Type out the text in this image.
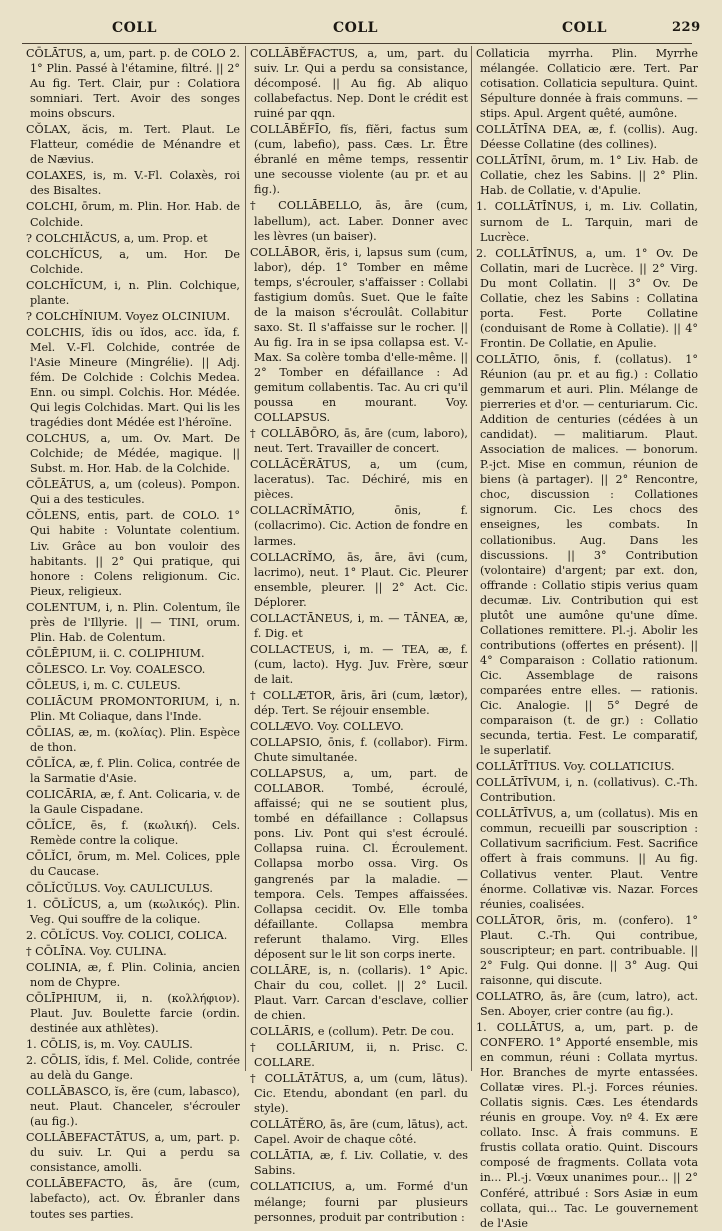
COLL	COLL	COLL	229

CŌLĀTUS, a, um, part. p. de COLO 2. 1° Plin. Passé à l'étamine, filtré. || 2° Au fig. Tert. Clair, pur : Colatiora somniari. Tert. Avoir des songes moins obscurs.

CŎLAX, ăcis, m. Tert. Plaut. Le Flatteur, comédie de Ménandre et de Nævius.

COLAXES, is, m. V.-Fl. Colaxès, roi des Bisaltes.

COLCHI, ōrum, m. Plin. Hor. Hab. de Colchide.

? COLCHIĂCUS, a, um. Prop. et

COLCHĬCUS, a, um. Hor. De Colchide.

COLCHĬCUM, i, n. Plin. Colchique, plante.

? COLCHĬNIUM. Voyez OLCINIUM.

COLCHIS, ĭdis ou ĭdos, acc. ĭda, f. Mel. V.-Fl. Colchide, contrée de l'Asie Mineure (Mingrélie). || Adj. fém. De Colchide : Colchis Medea. Enn. ou simpl. Colchis. Hor. Médée. Qui legis Colchidas. Mart. Qui lis les tragédies dont Médée est l'héroïne.

COLCHUS, a, um. Ov. Mart. De Colchide; de Médée, magique. || Subst. m. Hor. Hab. de la Colchide.

CŌLEĀTUS, a, um (coleus). Pompon. Qui a des testicules.

CŎLENS, entis, part. de COLO. 1° Qui habite : Voluntate colentium. Liv. Grâce au bon vouloir des habitants. || 2° Qui pratique, qui honore : Colens religionum. Cic. Pieux, religieux.

COLENTUM, i, n. Plin. Colentum, île près de l'Illyrie. || — TINI, orum. Plin. Hab. de Colentum.

CŌLĒPIUM, ii. C. COLIPHIUM.

CŌLESCO. Lr. Voy. COALESCO.

CŌLEUS, i, m. C. CULEUS.

COLIĀCUM PROMONTORIUM, i, n. Plin. Mt Coliaque, dans l'Inde.

CŌLIAS, æ, m. (κολίας). Plin. Espèce de thon.

CŌLĬCA, æ, f. Plin. Colica, contrée de la Sarmatie d'Asie.

COLICĀRIA, æ, f. Ant. Colicaria, v. de la Gaule Cispadane.

CŌLĬCE, ēs, f. (κωλική). Cels. Remède contre la colique.

CŌLĬCI, ōrum, m. Mel. Colices, pple du Caucase.

CŌLĬCŬLUS. Voy. CAULICULUS.

1. CŌLĬCUS, a, um (κωλικός). Plin. Veg. Qui souffre de la colique.

2. CŌLĬCUS. Voy. COLICI, COLICA.

† CŌLĪNA. Voy. CULINA.

COLINIA, æ, f. Plin. Colinia, ancien nom de Chypre.

CŌLĪPHIUM, ii, n. (κολλήφιον). Plaut. Juv. Boulette farcie (ordin. destinée aux athlètes).

1. CŌLIS, is, m. Voy. CAULIS.

2. CŌLIS, ĭdis, f. Mel. Colide, contrée au delà du Gange.

COLLĀBASCO, ĭs, ĕre (cum, labasco), neut. Plaut. Chanceler, s'écrouler (au fig.).

COLLĀBEFACTĀTUS, a, um, part. p. du suiv. Lr. Qui a perdu sa consistance, amolli.

COLLĀBEFACTO, ās, āre (cum, labefacto), act. Ov. Ébranler dans toutes ses parties.

COLLĀBĔFACTUS, a, um, part. du suiv. Lr. Qui a perdu sa consistance, décomposé. || Au fig. Ab aliquo collabefactus. Nep. Dont le crédit est ruiné par qqn.

COLLĀBĔFĪO, fĭs, fĭĕri, factus sum (cum, labefio), pass. Cæs. Lr. Être ébranlé en même temps, ressentir une secousse violente (au pr. et au fig.).

† COLLĀBELLO, ās, āre (cum, labellum), act. Laber. Donner avec les lèvres (un baiser).

COLLĀBOR, ĕris, i, lapsus sum (cum, labor), dép. 1° Tomber en même temps, s'écrouler, s'affaisser : Collabi fastigium domûs. Suet. Que le faîte de la maison s'écroulât. Collabitur saxo. St. Il s'affaisse sur le rocher. || Au fig. Ira in se ipsa collapsa est. V.-Max. Sa colère tomba d'elle-même. || 2° Tomber en défaillance : Ad gemitum collabentis. Tac. Au cri qu'il poussa en mourant. Voy. COLLAPSUS.

† COLLĀBŌRO, ās, āre (cum, laboro), neut. Tert. Travailler de concert.

COLLĀCĔRĀTUS, a, um (cum, laceratus). Tac. Déchiré, mis en pièces.

COLLACRĬMĀTIO, ōnis, f. (collacrimo). Cic. Action de fondre en larmes.

COLLACRĬMO, ās, āre, āvi (cum, lacrimo), neut. 1° Plaut. Cic. Pleurer ensemble, pleurer. || 2° Act. Cic. Déplorer.

COLLACTĀNEUS, i, m. — TĀNEA, æ, f. Dig. et

COLLACTEUS, i, m. — TEA, æ, f. (cum, lacto). Hyg. Juv. Frère, sœur de lait.

† COLLÆTOR, āris, āri (cum, lætor), dép. Tert. Se réjouir ensemble.

COLLÆVO. Voy. COLLEVO.

COLLAPSIO, ōnis, f. (collabor). Firm. Chute simultanée.

COLLAPSUS, a, um, part. de COLLABOR. Tombé, écroulé, affaissé; qui ne se soutient plus, tombé en défaillance : Collapsus pons. Liv. Pont qui s'est écroulé. Collapsa ruina. Cl. Écroulement. Collapsa morbo ossa. Virg. Os gangrenés par la maladie. — tempora. Cels. Tempes affaissées. Collapsa cecidit. Ov. Elle tomba défaillante. Collapsa membra referunt thalamo. Virg. Elles déposent sur le lit son corps inerte.

COLLĀRE, is, n. (collaris). 1° Apic. Chair du cou, collet. || 2° Lucil. Plaut. Varr. Carcan d'esclave, collier de chien.

COLLĀRIS, e (collum). Petr. De cou.

† COLLĀRIUM, ii, n. Prisc. C. COLLARE.

† COLLĀTĀTUS, a, um (cum, lātus). Cic. Etendu, abondant (en parl. du style).

COLLĀTĔRO, ās, āre (cum, lātus), act. Capel. Avoir de chaque côté.

COLLĀTIA, æ, f. Liv. Collatie, v. des Sabins.

COLLATICIUS, a, um. Formé d'un mélange; fourni par plusieurs personnes, produit par contribution :

Collaticia myrrha. Plin. Myrrhe mélangée. Collaticio ære. Tert. Par cotisation. Collaticia sepultura. Quint. Sépulture donnée à frais communs. — stips. Apul. Argent quêté, aumône.

COLLĀTĪNA DEA, æ, f. (collis). Aug. Déesse Collatine (des collines).

COLLĀTĪNI, ōrum, m. 1° Liv. Hab. de Collatie, chez les Sabins. || 2° Plin. Hab. de Collatie, v. d'Apulie.

1. COLLĀTĪNUS, i, m. Liv. Collatin, surnom de L. Tarquin, mari de Lucrèce.

2. COLLĀTĪNUS, a, um. 1° Ov. De Collatin, mari de Lucrèce. || 2° Virg. Du mont Collatin. || 3° Ov. De Collatie, chez les Sabins : Collatina porta. Fest. Porte Collatine (conduisant de Rome à Collatie). || 4° Frontin. De Collatie, en Apulie.

COLLĀTIO, ōnis, f. (collatus). 1° Réunion (au pr. et au fig.) : Collatio gemmarum et auri. Plin. Mélange de pierreries et d'or. — centuriarum. Cic. Addition de centuries (cédées à un candidat). — malitiarum. Plaut. Association de malices. — bonorum. P.-jct. Mise en commun, réunion de biens (à partager). || 2° Rencontre, choc, discussion : Collationes signorum. Cic. Les chocs des enseignes, les combats. In collationibus. Aug. Dans les discussions. || 3° Contribution (volontaire) d'argent; par ext. don, offrande : Collatio stipis verius quam decumæ. Liv. Contribution qui est plutôt une aumône qu'une dîme. Collationes remittere. Pl.-j. Abolir les contributions (offertes en présent). || 4° Comparaison : Collatio rationum. Cic. Assemblage de raisons comparées entre elles. — rationis. Cic. Analogie. || 5° Degré de comparaison (t. de gr.) : Collatio secunda, tertia. Fest. Le comparatif, le superlatif.

COLLĀTĪTIUS. Voy. COLLATICIUS.

COLLĀTĪVUM, i, n. (collativus). C.-Th. Contribution.

COLLĀTĪVUS, a, um (collatus). Mis en commun, recueilli par souscription : Collativum sacrificium. Fest. Sacrifice offert à frais communs. || Au fig. Collativus venter. Plaut. Ventre énorme. Collativæ vis. Nazar. Forces réunies, coalisées.

COLLĀTOR, ōris, m. (confero). 1° Plaut. C.-Th. Qui contribue, souscripteur; en part. contribuable. || 2° Fulg. Qui donne. || 3° Aug. Qui raisonne, qui discute.

COLLATRO, ās, āre (cum, latro), act. Sen. Aboyer, crier contre (au fig.).

1. COLLĀTUS, a, um, part. p. de CONFERO. 1° Apporté ensemble, mis en commun, réuni : Collata myrtus. Hor. Branches de myrte entassées. Collatæ vires. Pl.-j. Forces réunies. Collatis signis. Cæs. Les étendards réunis en groupe. Voy. nº 4. Ex ære collato. Insc. À frais communs. E frustis collata oratio. Quint. Discours composé de fragments. Collata vota in... Pl.-j. Vœux unanimes pour... || 2° Conféré, attribué : Sors Asiæ in eum collata, qui... Tac. Le gouvernement de l'Asie
